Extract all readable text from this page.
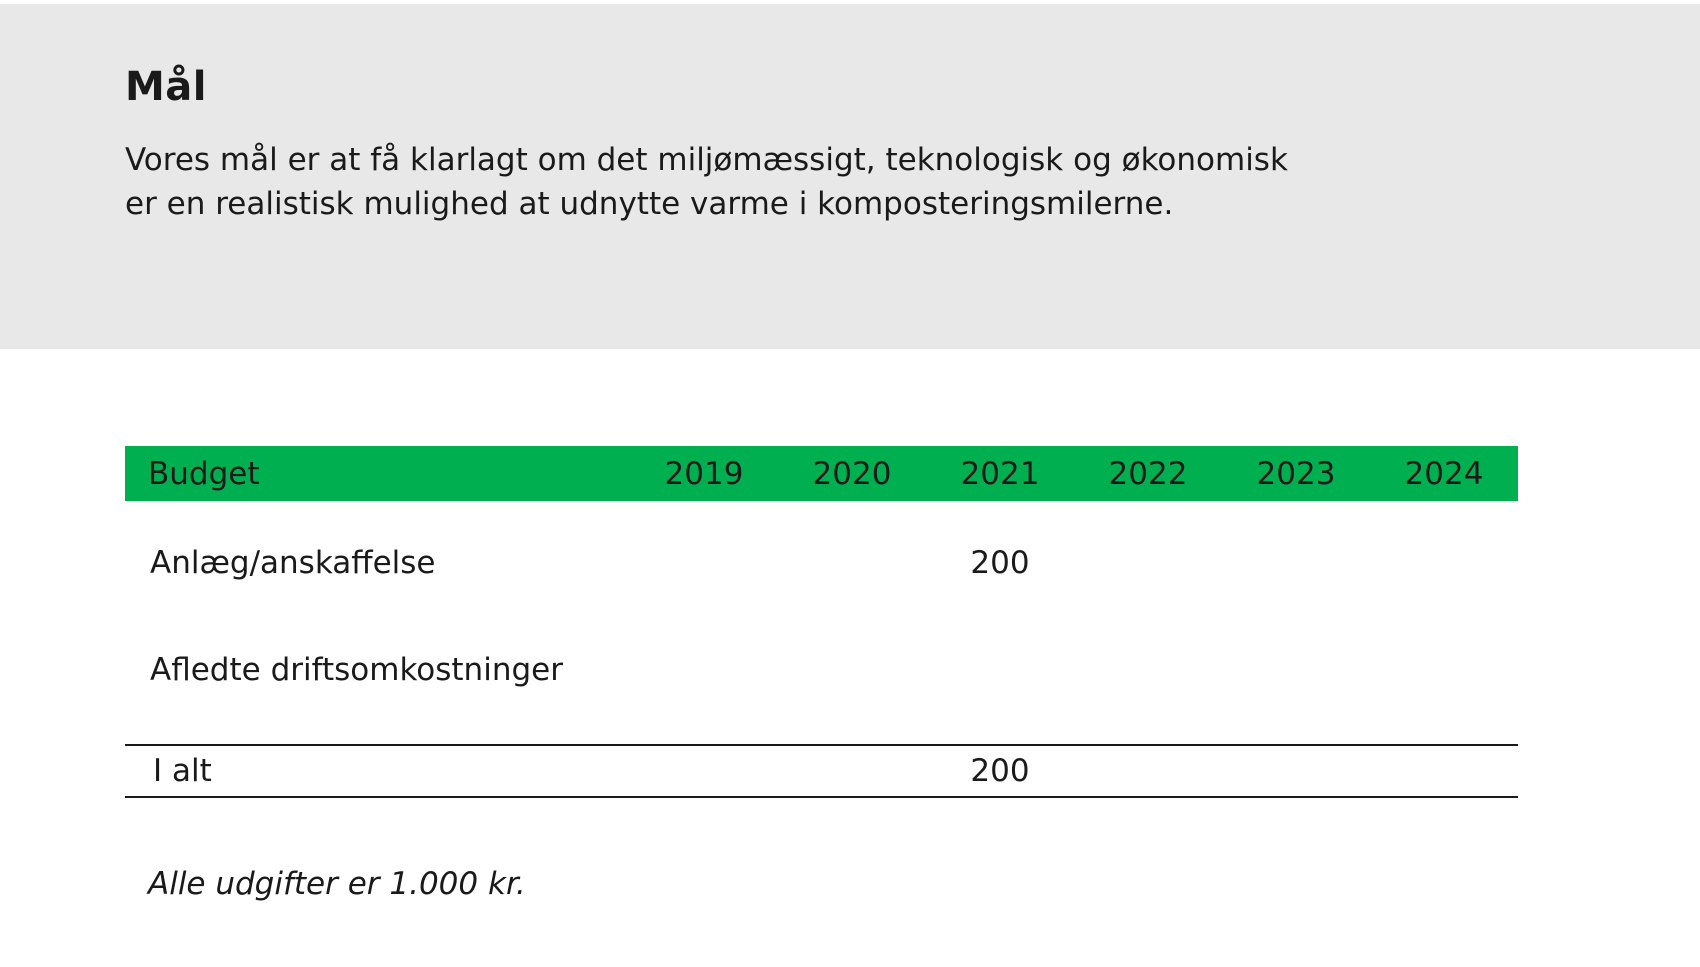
Mål

Vores mål er at få klarlagt om det miljømæssigt, teknologisk og økonomisk
er en realistisk mulighed at udnytte varme i komposteringsmilerne.

Budget	2019	2020	2021	2022	2023	2024	
Anlæg/anskaffelse			200				
Afledte driftsomkostninger							

I alt			200				

Alle udgifter er 1.000 kr.
